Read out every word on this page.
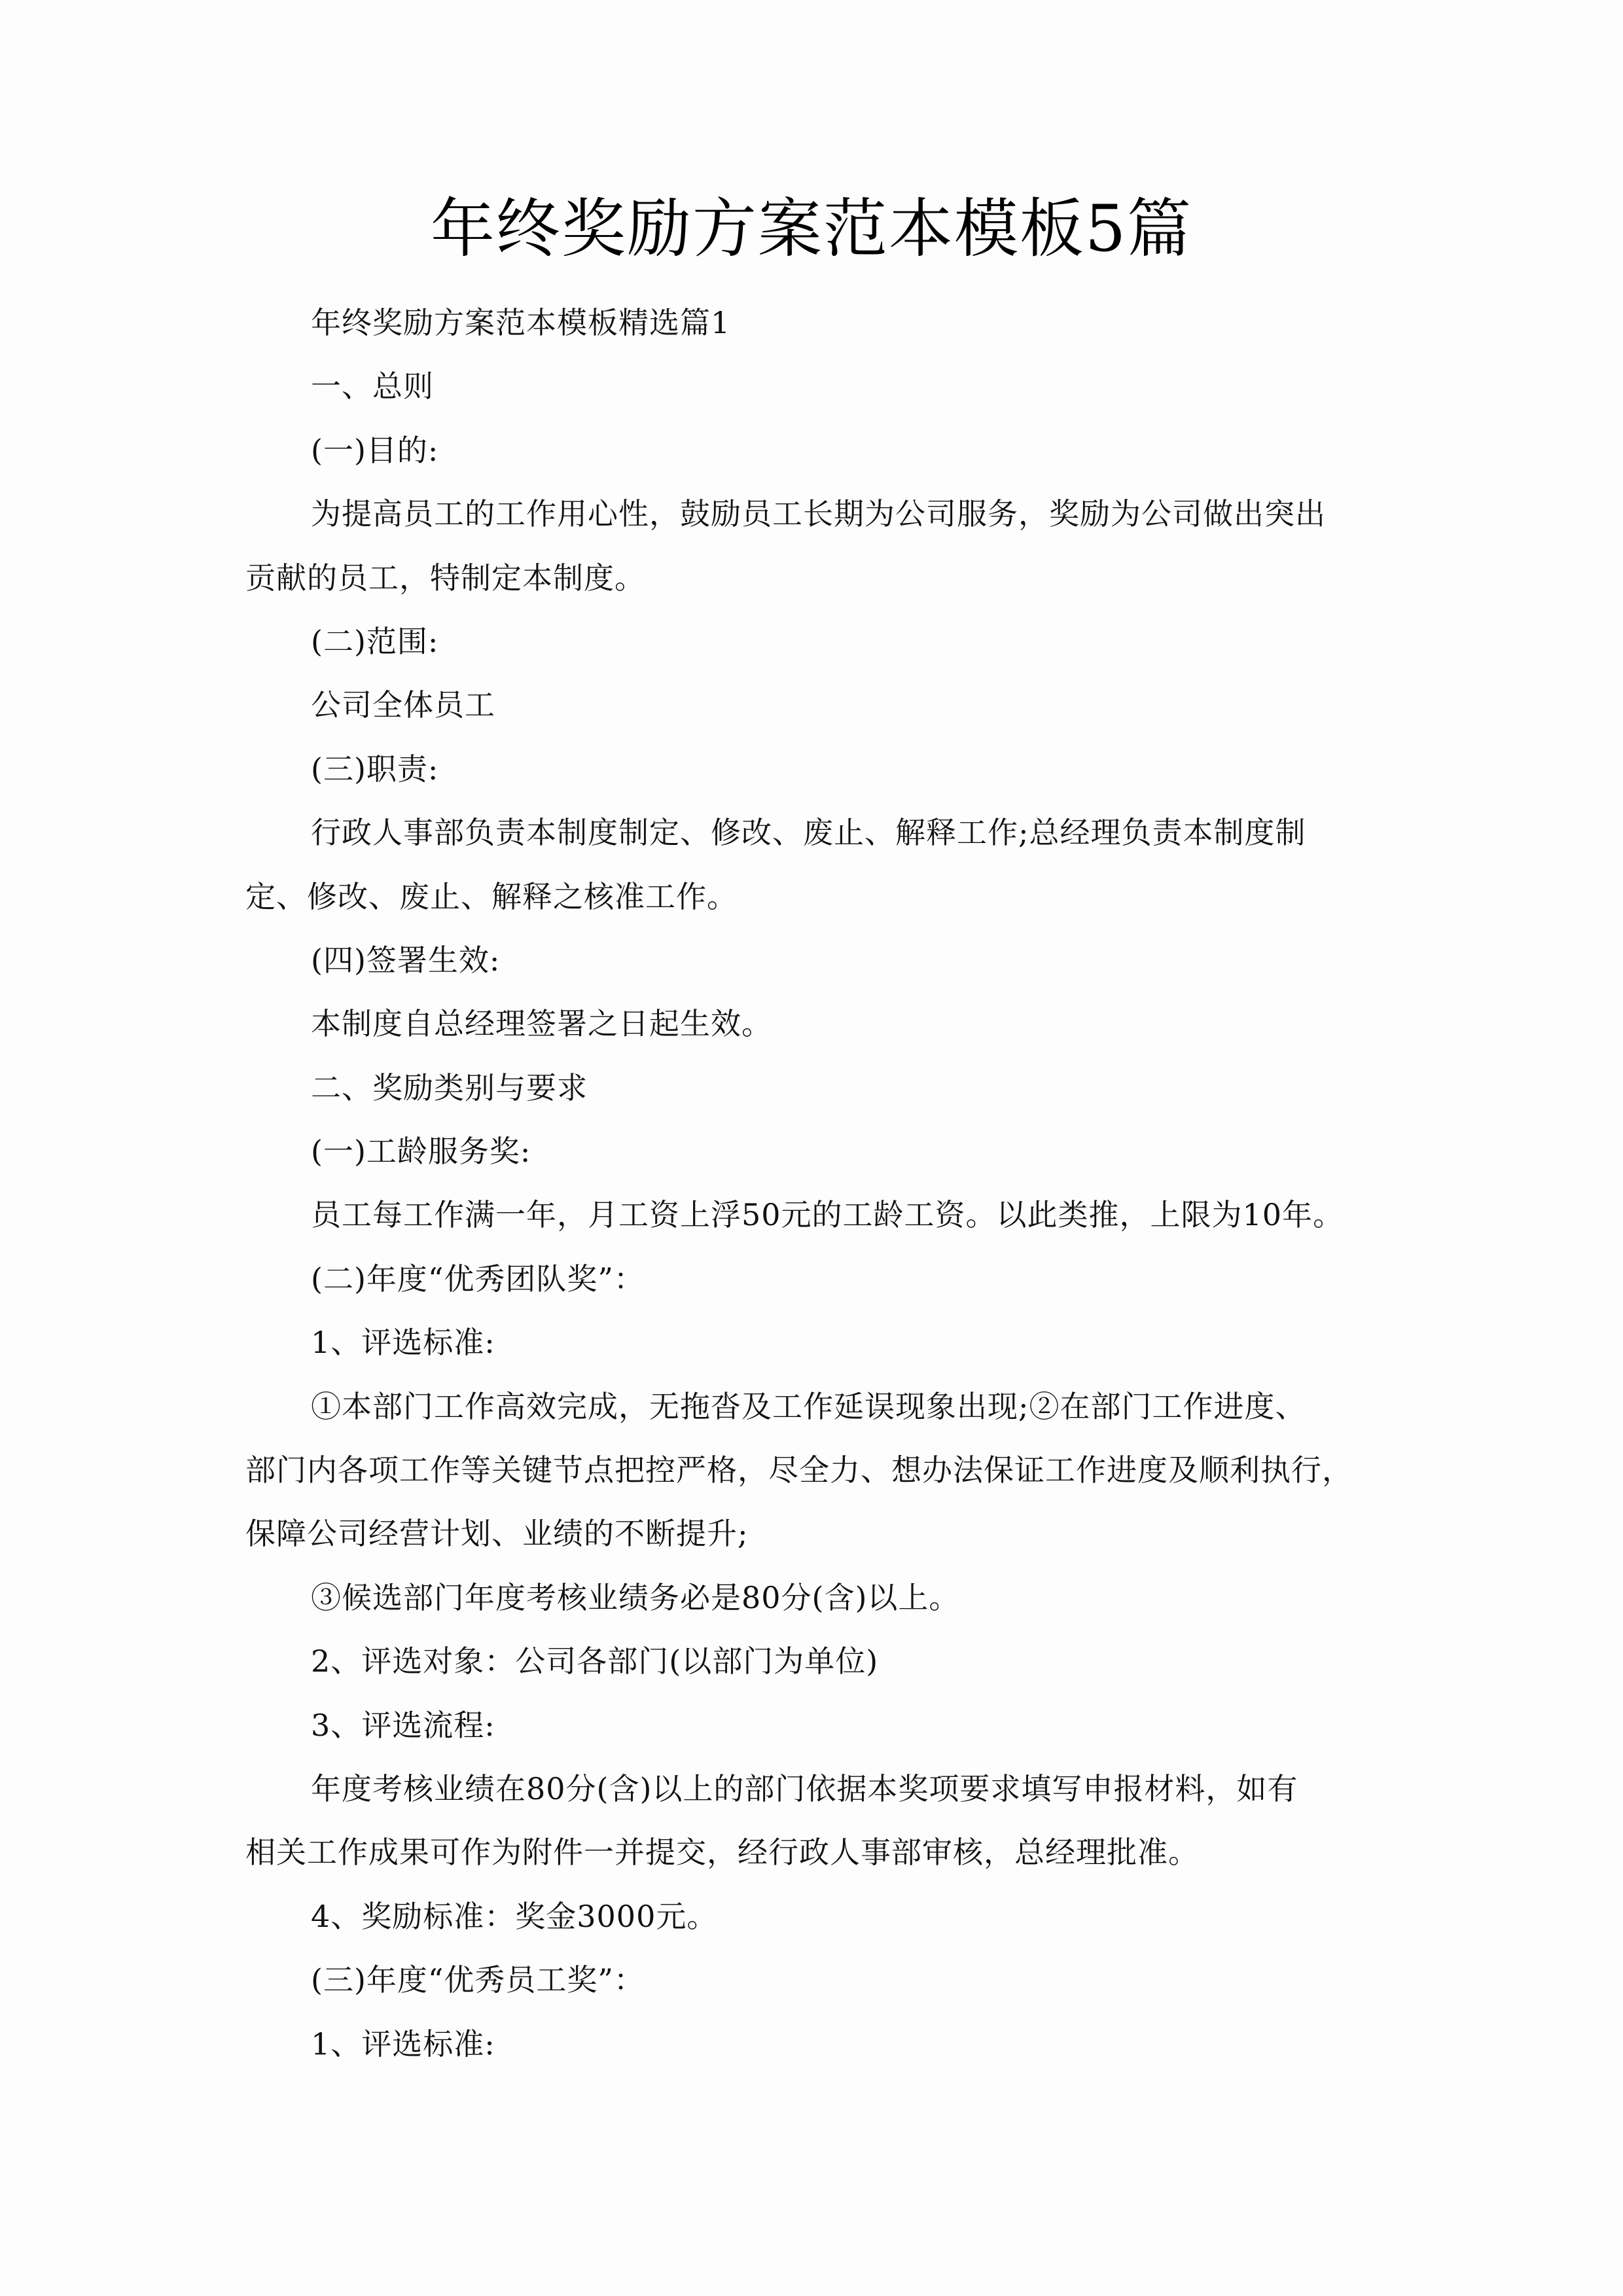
年终奖励方案范本模板5篇

年终奖励方案范本模板精选篇1

一、总则

(一)目的:

为提高员工的工作用心性，鼓励员工长期为公司服务，奖励为公司做出突出

贡献的员工，特制定本制度。

(二)范围:

公司全体员工

(三)职责:

行政人事部负责本制度制定、修改、废止、解释工作;总经理负责本制度制

定、修改、废止、解释之核准工作。

(四)签署生效:

本制度自总经理签署之日起生效。

二、奖励类别与要求

(一)工龄服务奖:

员工每工作满一年，月工资上浮50元的工龄工资。以此类推，上限为10年。

(二)年度“优秀团队奖”：

1、评选标准:

①本部门工作高效完成，无拖沓及工作延误现象出现;②在部门工作进度、

部门内各项工作等关键节点把控严格，尽全力、想办法保证工作进度及顺利执行，

保障公司经营计划、业绩的不断提升;

③候选部门年度考核业绩务必是80分(含)以上。

2、评选对象：公司各部门(以部门为单位)

3、评选流程:

年度考核业绩在80分(含)以上的部门依据本奖项要求填写申报材料，如有

相关工作成果可作为附件一并提交，经行政人事部审核，总经理批准。

4、奖励标准：奖金3000元。

(三)年度“优秀员工奖”：

1、评选标准:
